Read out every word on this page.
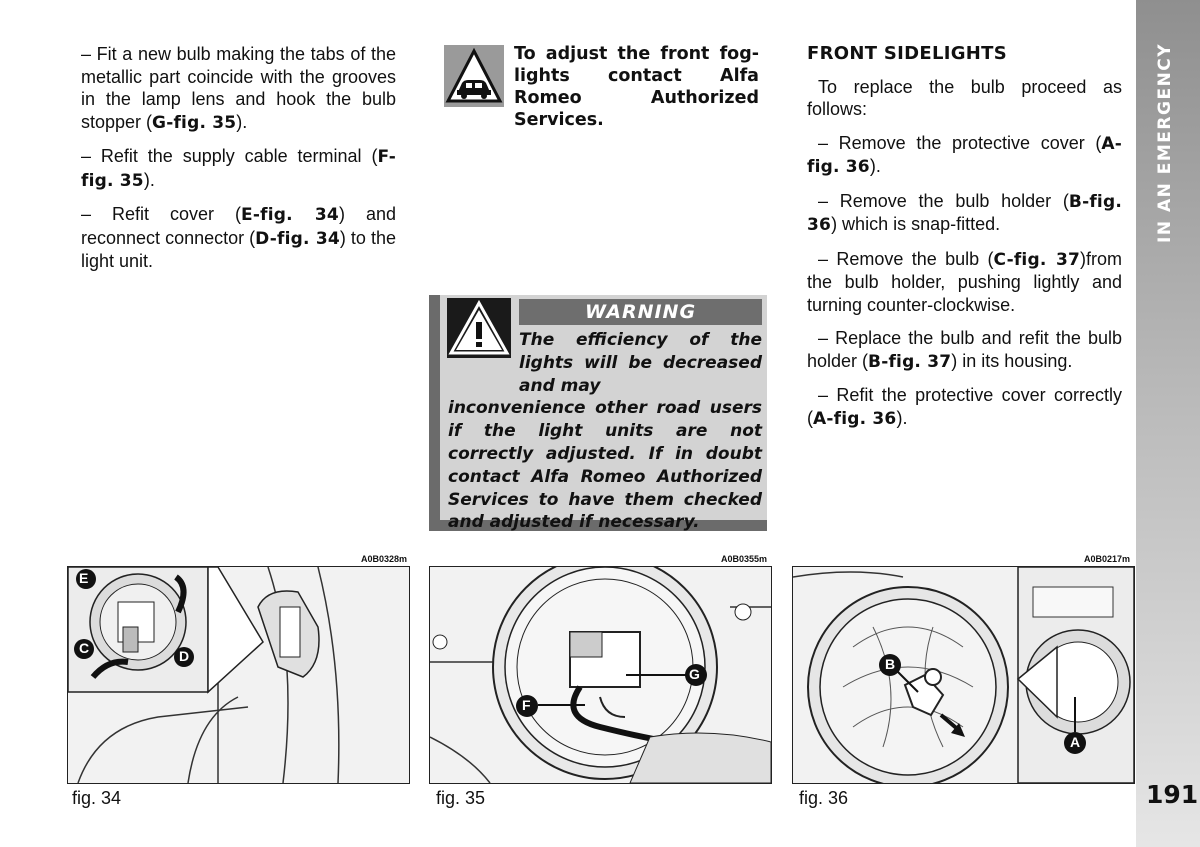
– Fit a new bulb making the tabs of the metallic part coincide with the grooves in the lamp lens and hook the bulb stopper (G-fig. 35).

– Refit the supply cable terminal (F-fig. 35).

– Refit cover (E-fig. 34) and reconnect connector (D-fig. 34) to the light unit.

To adjust the front fog-lights contact Alfa Romeo Authorized Services.
WARNING
The efficiency of the lights will be decreased and may
inconvenience other road users if the light units are not correctly adjusted. If in doubt contact Alfa Romeo Authorized Services to have them checked and adjusted if necessary.

FRONT SIDELIGHTS

To replace the bulb proceed as follows:

– Remove the protective cover (A-fig. 36).

– Remove the bulb holder (B-fig. 36) which is snap-fitted.

– Remove the bulb (C-fig. 37)from the bulb holder, pushing lightly and turning counter-clockwise.

– Replace the bulb and refit the bulb holder (B-fig. 37) in its housing.

– Refit the protective cover correctly (A-fig. 36).

IN AN EMERGENCY
191
A0B0328m
E
C	D
fig. 34
A0B0355m
G
F
fig. 35
A0B0217m
B
A
fig. 36
